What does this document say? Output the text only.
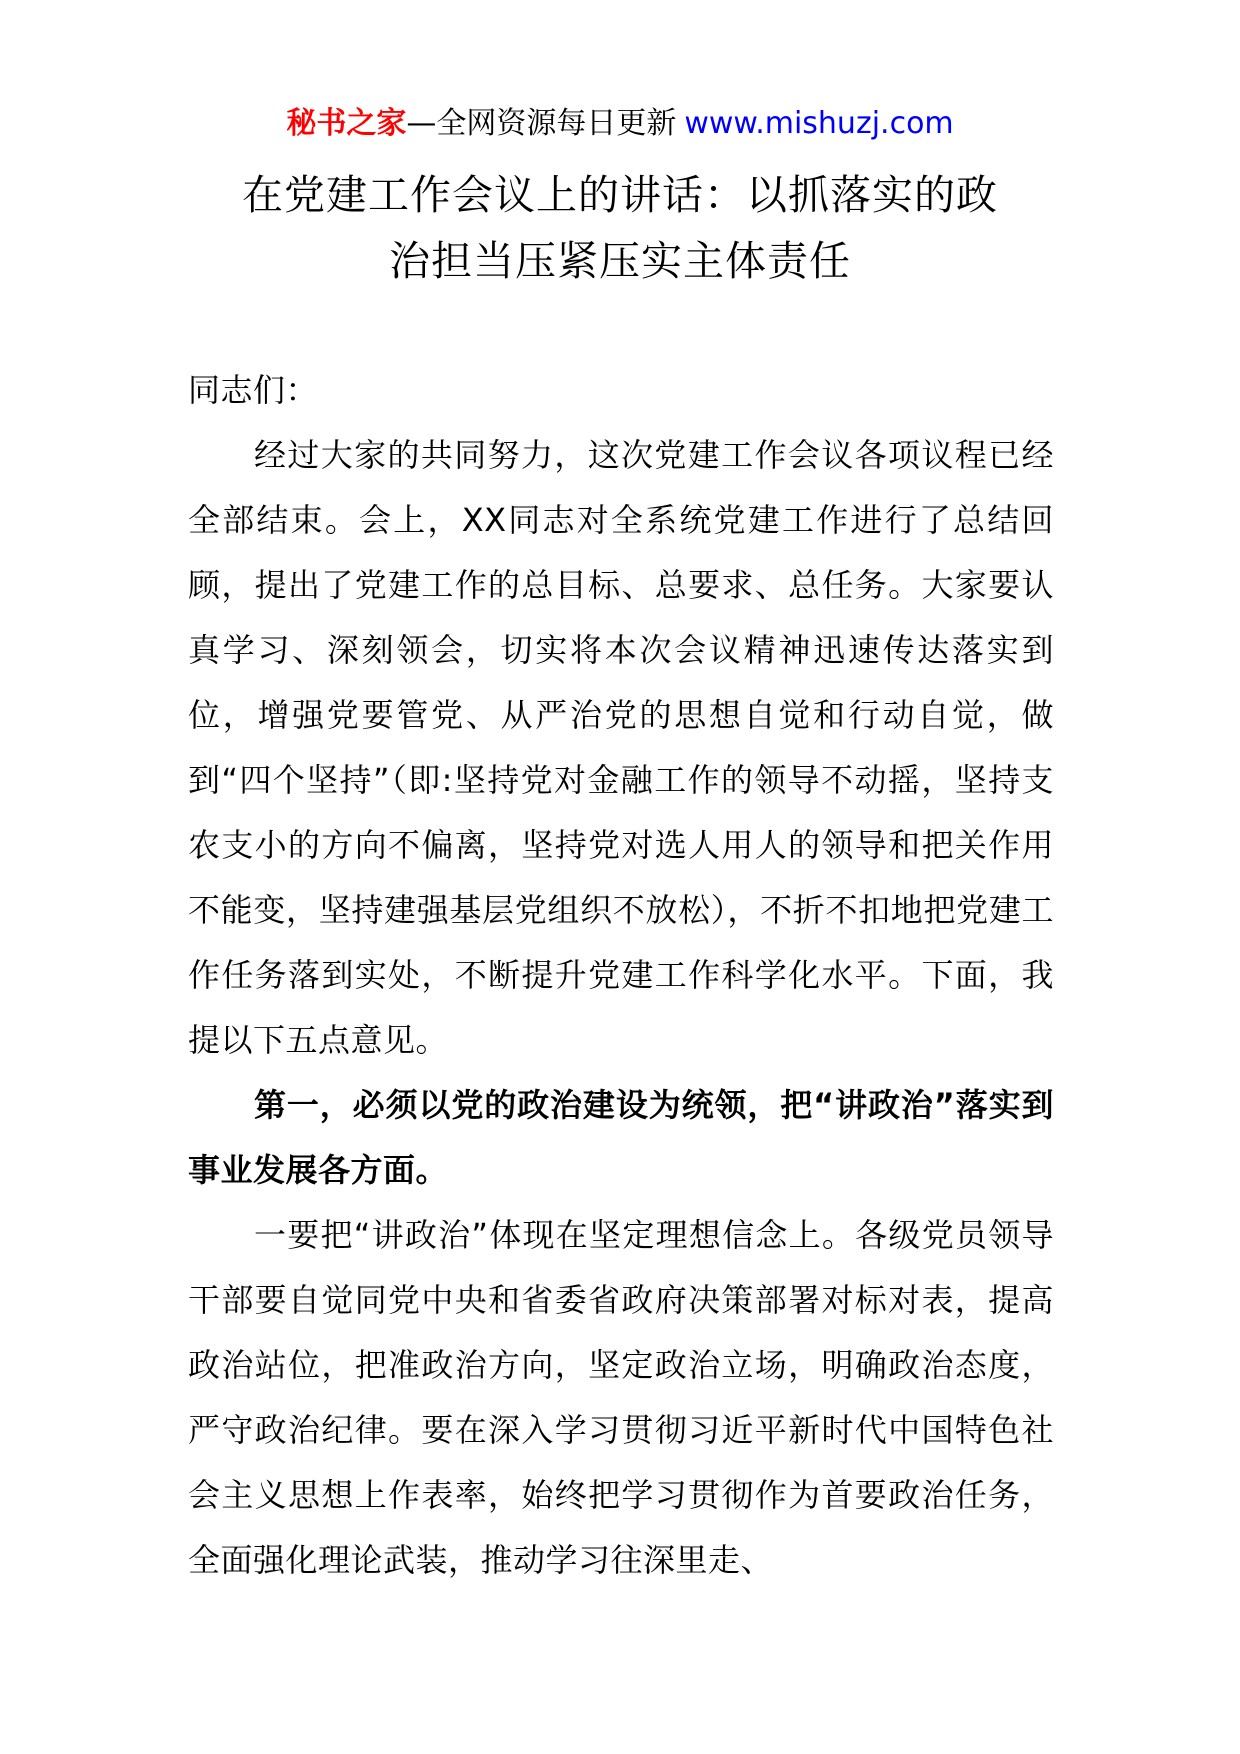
秘书之家—全网资源每日更新 www.mishuzj.com
在党建工作会议上的讲话：以抓落实的政
治担当压紧压实主体责任

同志们：

经过大家的共同努力，这次党建工作会议各项议程已经全部结束。会上，XX同志对全系统党建工作进行了总结回顾，提出了党建工作的总目标、总要求、总任务。大家要认真学习、深刻领会，切实将本次会议精神迅速传达落实到位，增强党要管党、从严治党的思想自觉和行动自觉，做到“四个坚持”（即:坚持党对金融工作的领导不动摇，坚持支农支小的方向不偏离，坚持党对选人用人的领导和把关作用不能变，坚持建强基层党组织不放松），不折不扣地把党建工作任务落到实处，不断提升党建工作科学化水平。下面，我提以下五点意见。

第一，必须以党的政治建设为统领，把“讲政治”落实到事业发展各方面。

一要把“讲政治”体现在坚定理想信念上。各级党员领导干部要自觉同党中央和省委省政府决策部署对标对表，提高政治站位，把准政治方向，坚定政治立场，明确政治态度，严守政治纪律。要在深入学习贯彻习近平新时代中国特色社会主义思想上作表率，始终把学习贯彻作为首要政治任务，全面强化理论武装，推动学习往深里走、
